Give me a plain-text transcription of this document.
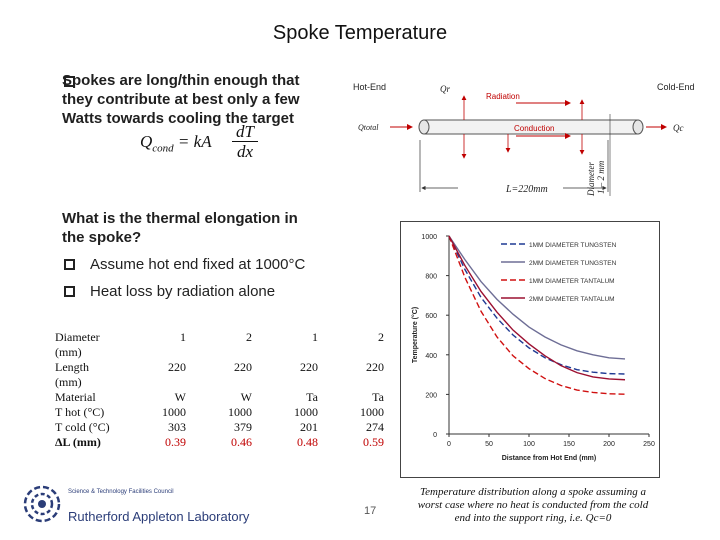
Spoke Temperature
Spokes are long/thin enough that
they contribute at best only a few
Watts towards cooling the target
$Q_{cond}$ = kA $\frac{dT}{dx}$
What is the thermal elongation in
the spoke?
Assume hot end fixed at 1000°C
Heat loss by radiation alone
Hot-End	Cold-End
Qr
Radiation
Qtotal	Qc
Conduction
L=220mm	Diameter 1 – 2 mm
Diameter	1	2	1	2
(mm)				
Length	220	220	220	220
(mm)				
Material	W	W	Ta	Ta
T hot (°C)	1000	1000	1000	1000
T cold (°C)	303	379	201	274
ΔL (mm)	0.39	0.46	0.48	0.59	0
200
400
600
800
1000
0	50	100	150	200	250
Distance from Hot End (mm)
Temperature (°C)
1MM DIAMETER TUNGSTEN
2MM DIAMETER TUNGSTEN
1MM DIAMETER TANTALUM
2MM DIAMETER TANTALUM
Temperature distribution along a spoke assuming a
worst case where no heat is conducted from the cold
end into the support ring, i.e. Qc=0
17
Science & Technology Facilities Council
Rutherford Appleton Laboratory
